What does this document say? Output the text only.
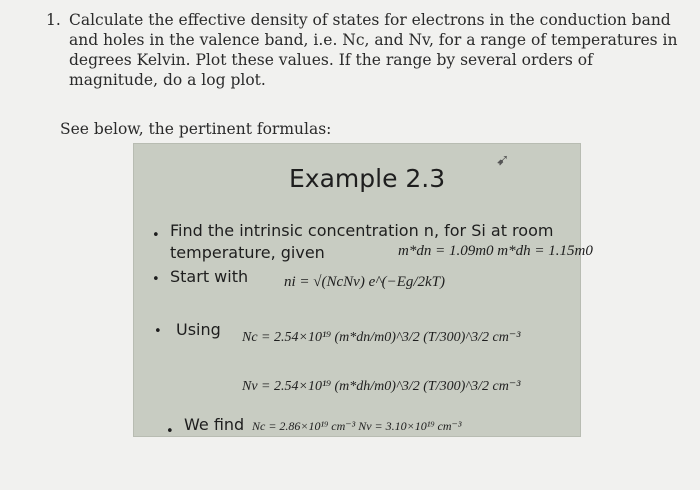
1. Calculate the effective density of states for electrons in the conduction band and holes in the valence band, i.e. Nc, and Nv, for a range of temperatures in degrees Kelvin. Plot these values. If the range by several orders of magnitude, do a log plot.
See below, the pertinent formulas:
Example 2.3
➹
• Find the intrinsic concentration n, for Si at room
temperature, given	m*dn = 1.09m0 m*dh = 1.15m0
• Start with ni = √(NcNv) e^(−Eg/2kT)
• Using Nc = 2.54×10¹⁹ (m*dn/m0)^3/2 (T/300)^3/2 cm⁻³
Nv = 2.54×10¹⁹ (m*dh/m0)^3/2 (T/300)^3/2 cm⁻³
• We find Nc = 2.86×10¹⁹ cm⁻³ Nv = 3.10×10¹⁹ cm⁻³
